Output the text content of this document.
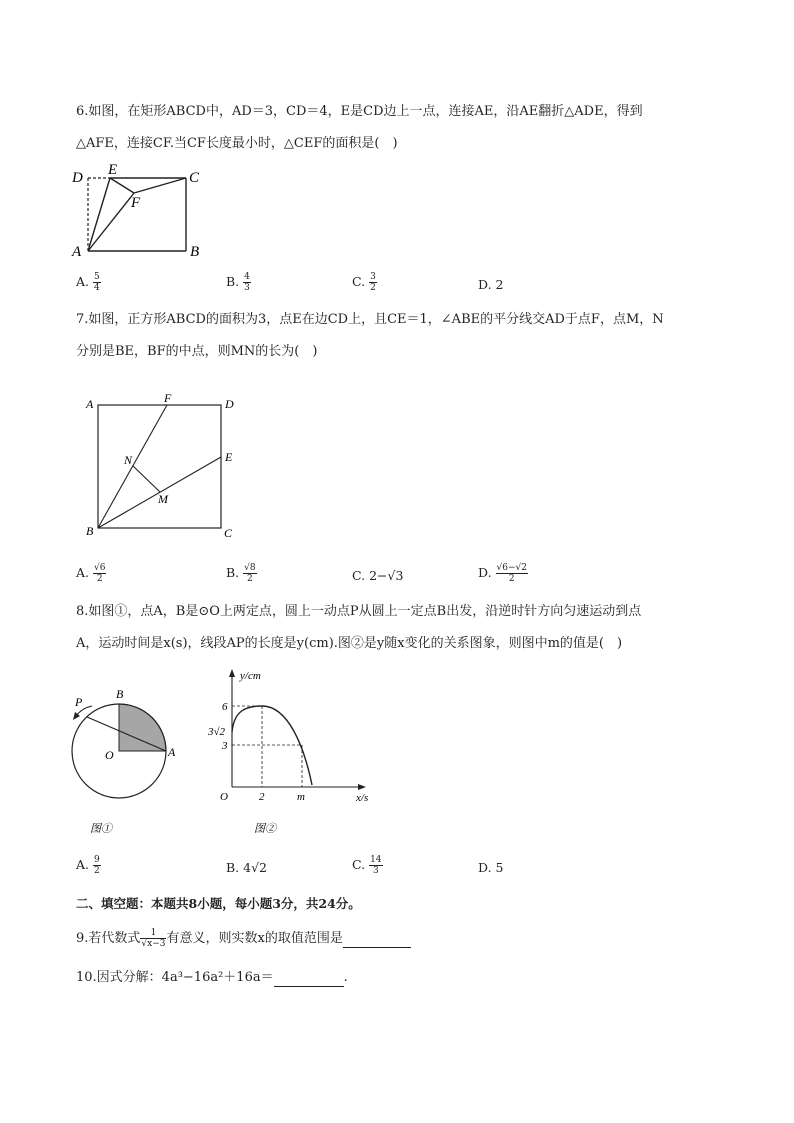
6.如图，在矩形ABCD中，AD＝3，CD＝4，E是CD边上一点，连接AE，沿AE翻折△ADE，得到
△AFE，连接CF.当CF长度最小时，△CEF的面积是(　)
D E	C
F
A	B
A. $\frac{5}{4}$	B. $\frac{4}{3}$	C. $\frac{3}{2}$	D. 2
7.如图，正方形ABCD的面积为3，点E在边CD上，且CE＝1，∠ABE的平分线交AD于点F，点M，N
分别是BE，BF的中点，则MN的长为(　)
A	F	D
E
N
M
B	C
A. $\frac{√6}{2}$	B. $\frac{√8}{2}$	C. 2−√3	D. $\frac{√6-√2}{2}$
8.如图①，点A，B是⊙O上两定点，圆上一动点P从圆上一定点B出发，沿逆时针方向匀速运动到点
A，运动时间是x(s)，线段AP的长度是y(cm).图②是y随x变化的关系图象，则图中m的值是(　)
P
B
O	A
图①
y/cm
x/s
6
3√2
3
O	2	m
图②
A. $\frac{9}{2}$	B. 4√2	C. $\frac{14}{3}$	D. 5
二、填空题：本题共8小题，每小题3分，共24分。
9.若代数式 $\frac{1}{√x-3}$ 有意义，则实数x的取值范围是
10.因式分解：4a³−16a²＋16a＝	.
